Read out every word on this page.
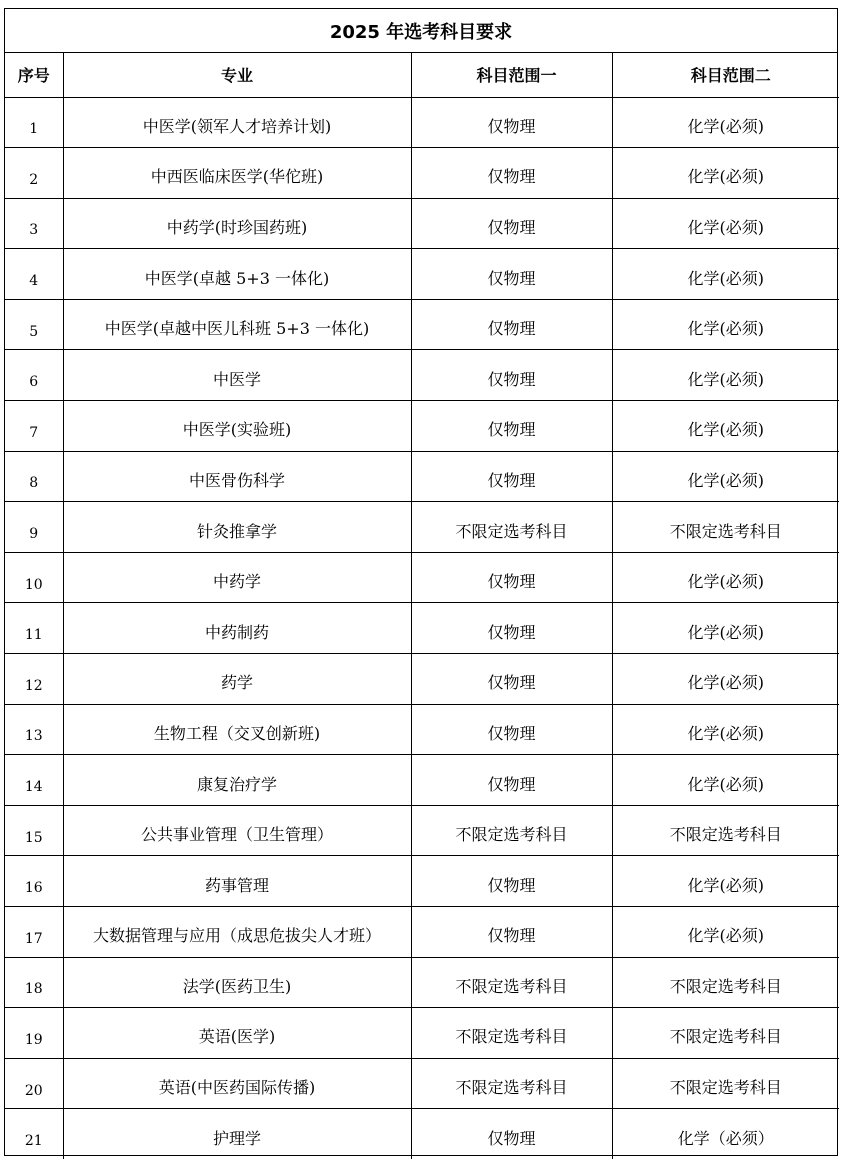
2025 年选考科目要求
序号	专业	科目范围一	科目范围二
1	中医学(领军人才培养计划)	仅物理	化学(必须)
2	中西医临床医学(华佗班)	仅物理	化学(必须)
3	中药学(时珍国药班)	仅物理	化学(必须)
4	中医学(卓越 5+3 一体化)	仅物理	化学(必须)
5	中医学(卓越中医儿科班 5+3 一体化)	仅物理	化学(必须)
6	中医学	仅物理	化学(必须)
7	中医学(实验班)	仅物理	化学(必须)
8	中医骨伤科学	仅物理	化学(必须)
9	针灸推拿学	不限定选考科目	不限定选考科目
10	中药学	仅物理	化学(必须)
11	中药制药	仅物理	化学(必须)
12	药学	仅物理	化学(必须)
13	生物工程（交叉创新班)	仅物理	化学(必须)
14	康复治疗学	仅物理	化学(必须)
15	公共事业管理（卫生管理）	不限定选考科目	不限定选考科目
16	药事管理	仅物理	化学(必须)
17	大数据管理与应用（成思危拔尖人才班）	仅物理	化学(必须)
18	法学(医药卫生)	不限定选考科目	不限定选考科目
19	英语(医学)	不限定选考科目	不限定选考科目
20	英语(中医药国际传播)	不限定选考科目	不限定选考科目
21	护理学	仅物理	化学（必须）
